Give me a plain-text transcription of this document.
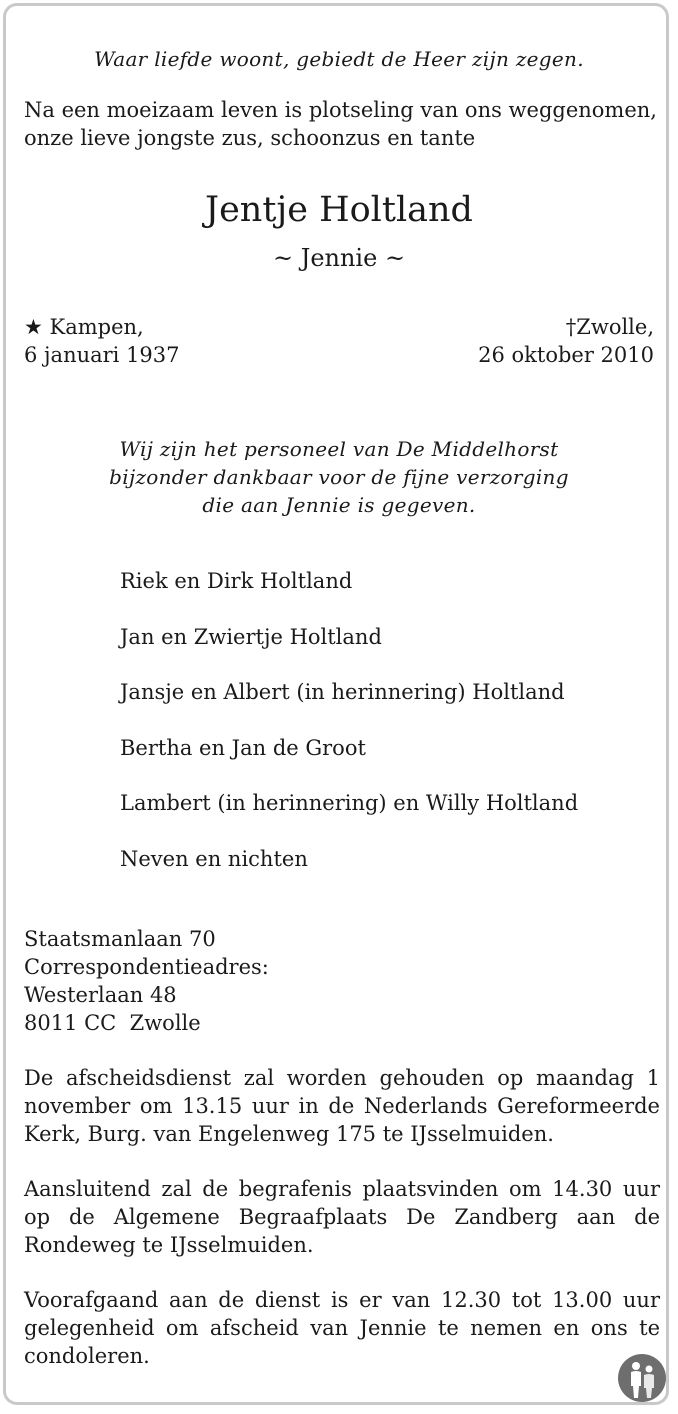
Waar liefde woont, gebiedt de Heer zijn zegen.
Na een moeizaam leven is plotseling van ons weggenomen, onze lieve jongste zus, schoonzus en tante
Jentje Holtland
~ Jennie ~
★ Kampen,
6 januari 1937
†Zwolle,
26 oktober 2010
Wij zijn het personeel van De Middelhorst
bijzonder dankbaar voor de fijne verzorging
die aan Jennie is gegeven.
Riek en Dirk Holtland
Jan en Zwiertje Holtland
Jansje en Albert (in herinnering) Holtland
Bertha en Jan de Groot
Lambert (in herinnering) en Willy Holtland
Neven en nichten
Staatsmanlaan 70
Correspondentieadres:
Westerlaan 48
8011 CC  Zwolle
De afscheidsdienst zal worden gehouden op maandag 1 november om 13.15 uur in de Nederlands Gereformeerde Kerk, Burg. van Engelenweg 175 te IJsselmuiden.
Aansluitend zal de begrafenis plaatsvinden om 14.30 uur op de Algemene Begraafplaats De Zandberg aan de Rondeweg te IJsselmuiden.
Voorafgaand aan de dienst is er van 12.30 tot 13.00 uur gelegenheid om afscheid van Jennie te nemen en ons te condoleren.
